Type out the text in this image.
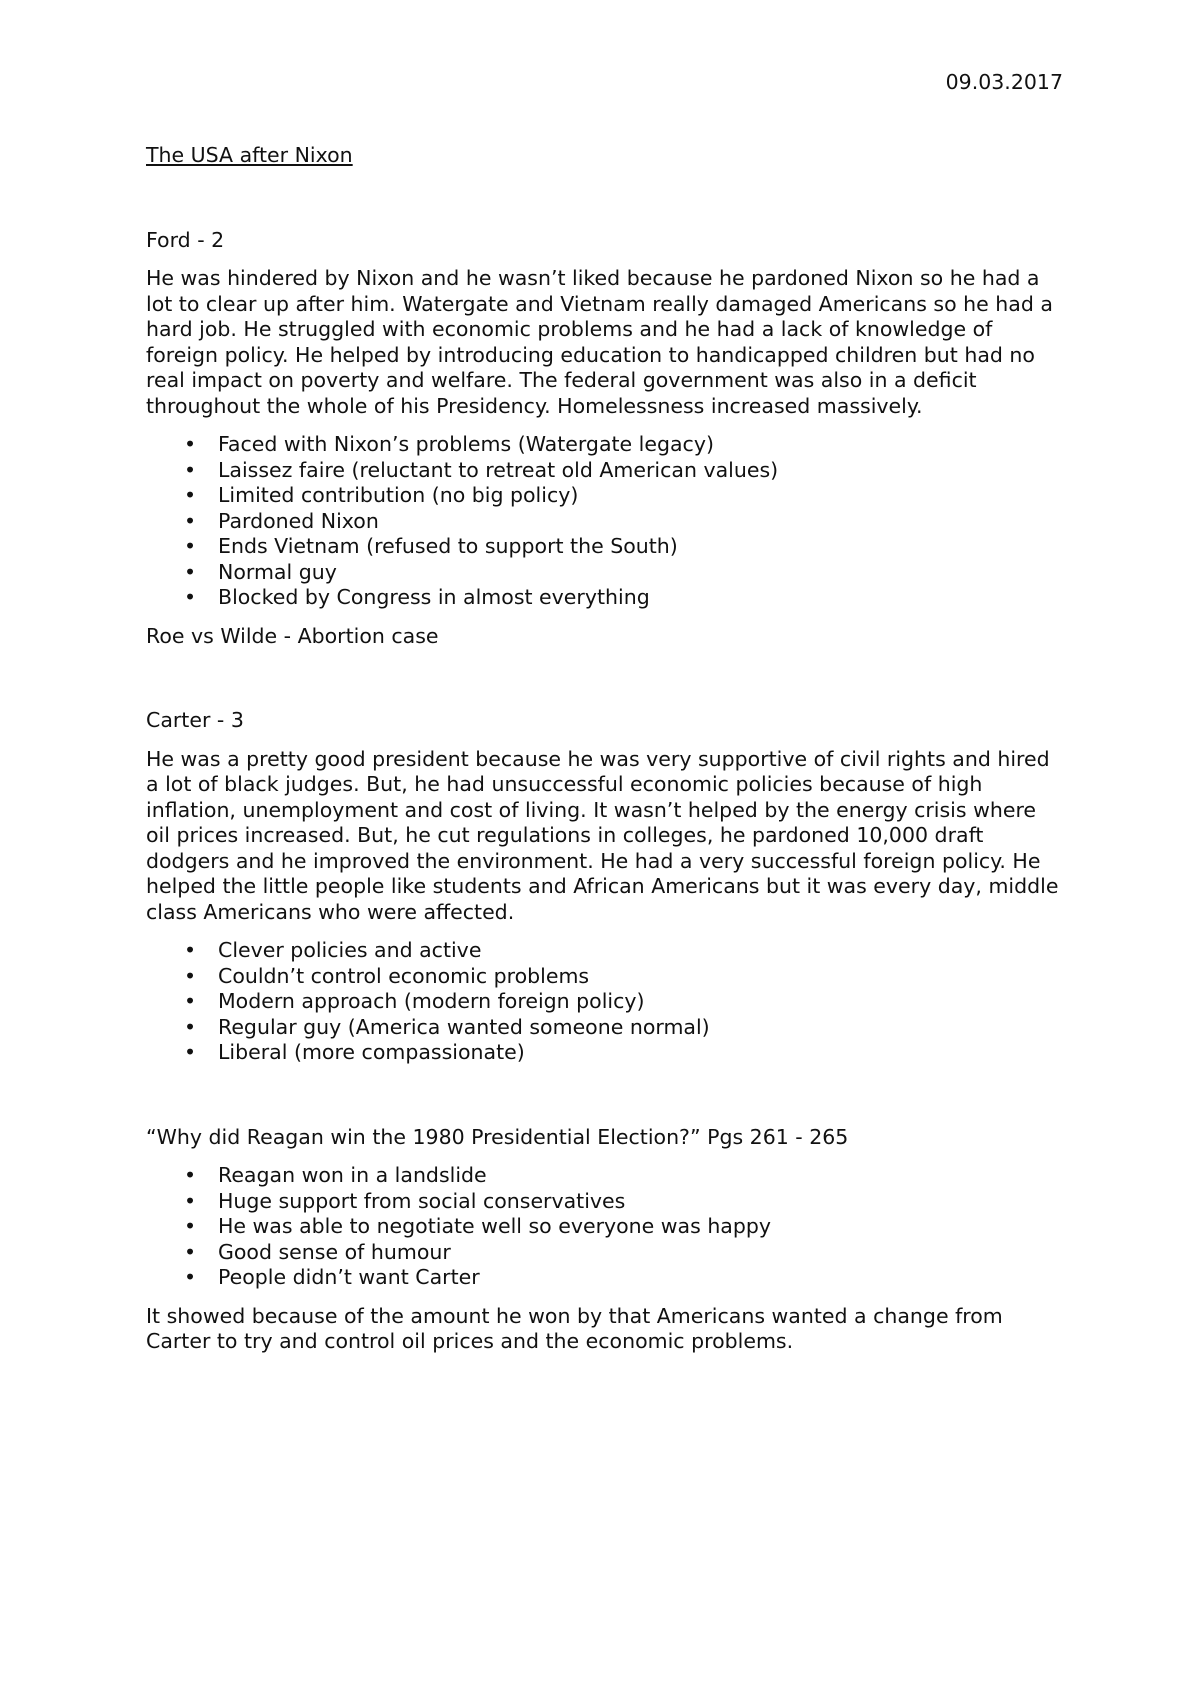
09.03.2017

The USA after Nixon

Ford - 2

He was hindered by Nixon and he wasn’t liked because he pardoned Nixon so he had a lot to clear up after him. Watergate and Vietnam really damaged Americans so he had a hard job. He struggled with economic problems and he had a lack of knowledge of foreign policy. He helped by introducing education to handicapped children but had no real impact on poverty and welfare. The federal government was also in a deficit throughout the whole of his Presidency. Homelessness increased massively.

• Faced with Nixon’s problems (Watergate legacy)
• Laissez faire (reluctant to retreat old American values)
• Limited contribution (no big policy)
• Pardoned Nixon
• Ends Vietnam (refused to support the South)
• Normal guy
• Blocked by Congress in almost everything

Roe vs Wilde - Abortion case

Carter - 3

He was a pretty good president because he was very supportive of civil rights and hired a lot of black judges. But, he had unsuccessful economic policies because of high inflation, unemployment and cost of living. It wasn’t helped by the energy crisis where oil prices increased. But, he cut regulations in colleges, he pardoned 10,000 draft dodgers and he improved the environment. He had a very successful foreign policy. He helped the little people like students and African Americans but it was every day, middle class Americans who were affected.

• Clever policies and active
• Couldn’t control economic problems
• Modern approach (modern foreign policy)
• Regular guy (America wanted someone normal)
• Liberal (more compassionate)

“Why did Reagan win the 1980 Presidential Election?” Pgs 261 - 265

• Reagan won in a landslide
• Huge support from social conservatives
• He was able to negotiate well so everyone was happy
• Good sense of humour
• People didn’t want Carter

It showed because of the amount he won by that Americans wanted a change from Carter to try and control oil prices and the economic problems.
